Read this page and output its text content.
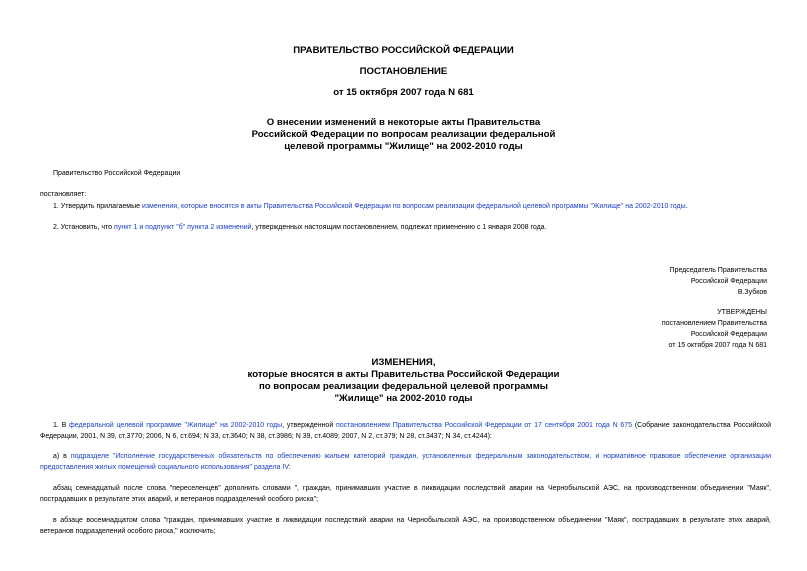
ПРАВИТЕЛЬСТВО РОССИЙСКОЙ ФЕДЕРАЦИИ
ПОСТАНОВЛЕНИЕ
от 15 октября 2007 года N 681
О внесении изменений в некоторые акты Правительства
Российской Федерации по вопросам реализации федеральной
целевой программы "Жилище" на 2002-2010 годы
Правительство Российской Федерации
постановляет:
1. Утвердить прилагаемые изменения, которые вносятся в акты Правительства Российской Федерации по вопросам реализации федеральной целевой программы "Жилище" на 2002-2010 годы.
2. Установить, что пункт 1 и подпункт "б" пункта 2 изменений, утвержденных настоящим постановлением, подлежат применению с 1 января 2008 года.
Председатель Правительства
Российской Федерации
В.Зубков
УТВЕРЖДЕНЫ
постановлением Правительства
Российской Федерации
от 15 октября 2007 года N 681
ИЗМЕНЕНИЯ,
которые вносятся в акты Правительства Российской Федерации
по вопросам реализации федеральной целевой программы
"Жилище" на 2002-2010 годы
1. В федеральной целевой программе "Жилище" на 2002-2010 годы, утвержденной постановлением Правительства Российской Федерации от 17 сентября 2001 года N 675 (Собрание законодательства Российской Федерации, 2001, N 39, ст.3770; 2006, N 6, ст.694; N 33, ст.3640; N 38, ст.3986; N 39, ст.4089; 2007, N 2, ст.379; N 28, ст.3437; N 34, ст.4244):
а) в подразделе "Исполнение государственных обязательств по обеспечению жильем категорий граждан, установленных федеральным законодательством, и нормативное правовое обеспечение организации предоставления жилых помещений социального использования" раздела IV:
абзац семнадцатый после слова "переселенцев" дополнить словами ", граждан, принимавших участие в ликвидации последствий аварии на Чернобыльской АЭС, на производственном объединении "Маяк", пострадавших в результате этих аварий, и ветеранов подразделений особого риска";
в абзаце восемнадцатом слова "граждан, принимавших участие в ликвидации последствий аварии на Чернобыльской АЭС, на производственном объединении "Маяк", пострадавших в результате этих аварий, ветеранов подразделений особого риска," исключить;
